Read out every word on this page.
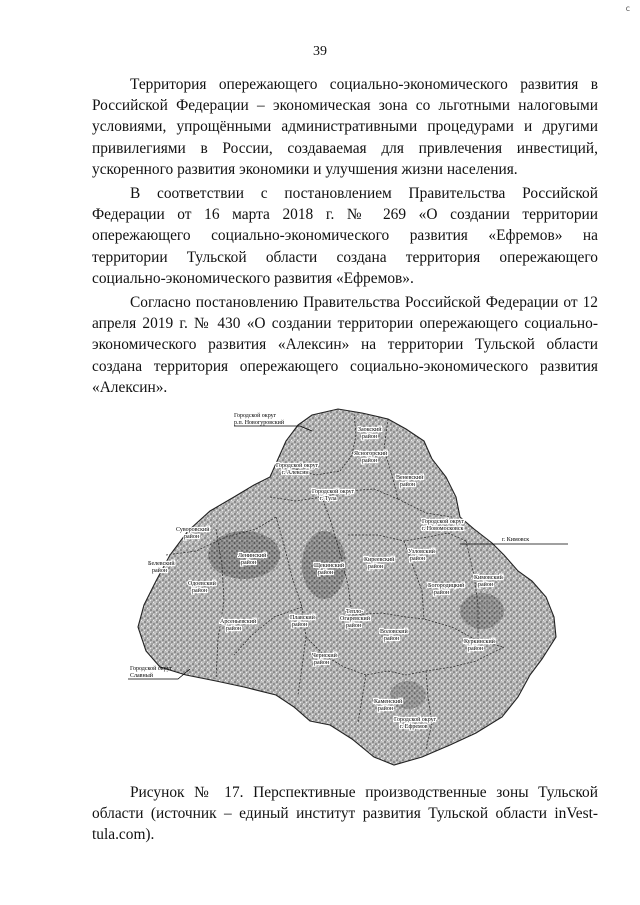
с
39

Территория опережающего социально-экономического развития в Российской Федерации – экономическая зона со льготными налоговыми условиями, упрощёнными административными процедурами и другими привилегиями в России, создаваемая для привлечения инвестиций, ускоренного развития экономики и улучшения жизни населения.

В соответствии с постановлением Правительства Российской Федерации от 16 марта 2018 г. № 269 «О создании территории опережающего социально-экономического развития «Ефремов» на территории Тульской области создана территория опережающего социально-экономического развития «Ефремов».

Согласно постановлению Правительства Российской Федерации от 12 апреля 2019 г. № 430 «О создании территории опережающего социально-экономического развития «Алексин» на территории Тульской области создана территория опережающего социально-экономического развития «Алексин».

Городской округ р.п. Новогуровский
г. Кимовск
Городской округ Славный
Заокский район
Ясногорский район
Городской округ г. Алексин
Веневский район
Городской округ г. Тула
Городской округ г. Новомосковск
Суворовский район
Ленинский район
Белевский район
Одоевский район
Щекинский район
Киреевский район
Узловский район
Кимовский район
Арсеньевский район
Плавский район
Тепло- Огаревский район
Воловский район
Богородицкий район
Куркинский район
Чернский район
Каменский район
Городской округ г. Ефремов
Рисунок № 17. Перспективные производственные зоны Тульской области (источник – единый институт развития Тульской области inVest-tula.com).
